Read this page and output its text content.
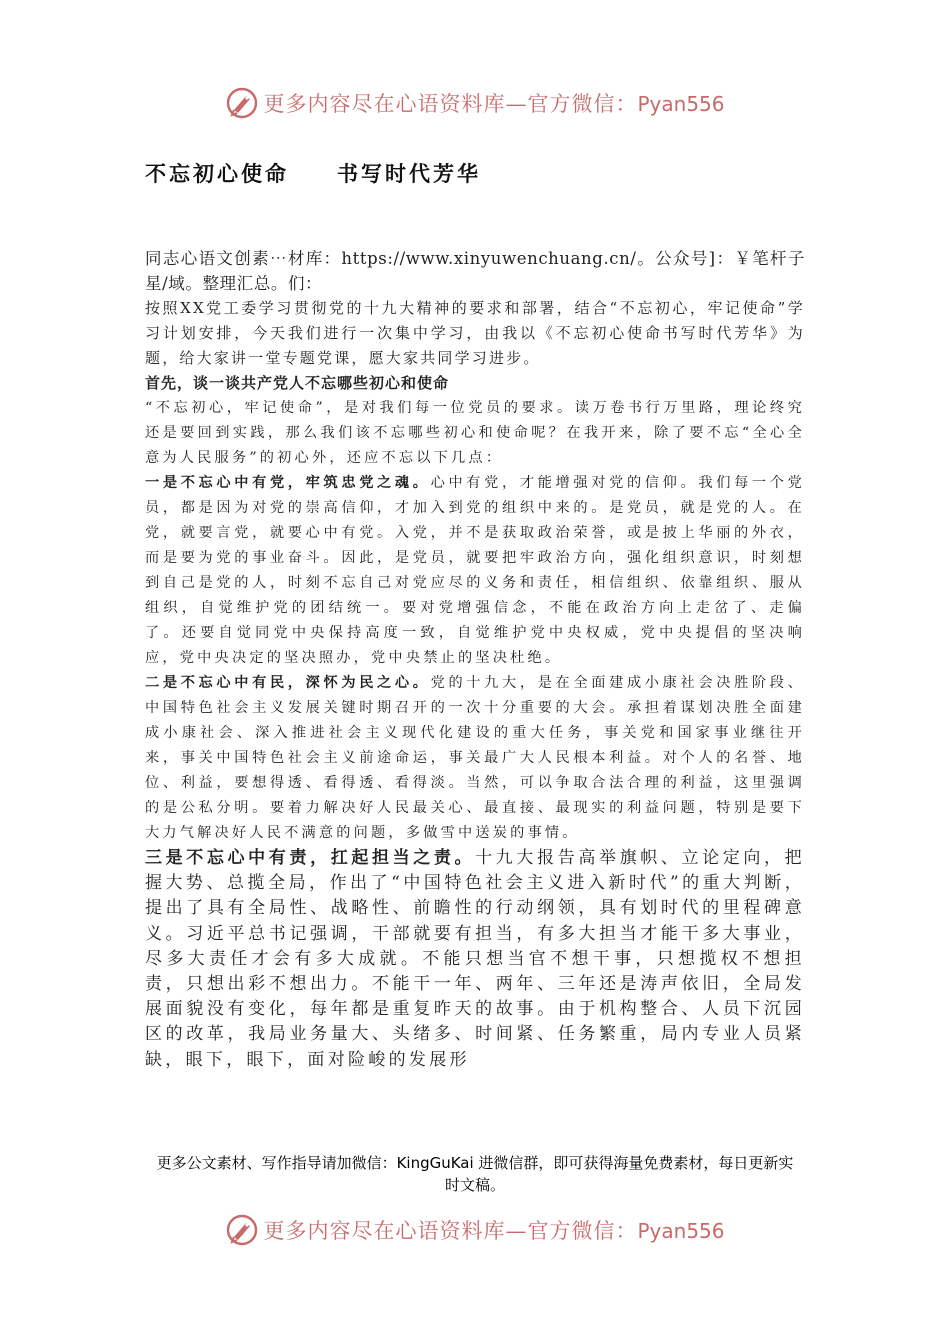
更多内容尽在心语资料库—官方微信：Pyan556
不忘初心使命　　书写时代芳华

同志心语文创素⋯材库：https://www.xinyuwenchuang.cn/。公众号]：￥笔杆子星/域。整理汇总。们：

按照XX党工委学习贯彻党的十九大精神的要求和部署，结合“不忘初心，牢记使命”学习计划安排，今天我们进行一次集中学习，由我以《不忘初心使命书写时代芳华》为题，给大家讲一堂专题党课，愿大家共同学习进步。

首先，谈一谈共产党人不忘哪些初心和使命

“不忘初心，牢记使命”，是对我们每一位党员的要求。读万卷书行万里路，理论终究还是要回到实践，那么我们该不忘哪些初心和使命呢？在我开来，除了要不忘“全心全意为人民服务”的初心外，还应不忘以下几点：

一是不忘心中有党，牢筑忠党之魂。心中有党，才能增强对党的信仰。我们每一个党员，都是因为对党的崇高信仰，才加入到党的组织中来的。是党员，就是党的人。在党，就要言党，就要心中有党。入党，并不是获取政治荣誉，或是披上华丽的外衣，而是要为党的事业奋斗。因此，是党员，就要把牢政治方向，强化组织意识，时刻想到自己是党的人，时刻不忘自己对党应尽的义务和责任，相信组织、依靠组织、服从组织，自觉维护党的团结统一。要对党增强信念，不能在政治方向上走岔了、走偏了。还要自觉同党中央保持高度一致，自觉维护党中央权威，党中央提倡的坚决响应，党中央决定的坚决照办，党中央禁止的坚决杜绝。

二是不忘心中有民，深怀为民之心。党的十九大，是在全面建成小康社会决胜阶段、中国特色社会主义发展关键时期召开的一次十分重要的大会。承担着谋划决胜全面建成小康社会、深入推进社会主义现代化建设的重大任务，事关党和国家事业继往开来，事关中国特色社会主义前途命运，事关最广大人民根本利益。对个人的名誉、地位、利益，要想得透、看得透、看得淡。当然，可以争取合法合理的利益，这里强调的是公私分明。要着力解决好人民最关心、最直接、最现实的利益问题，特别是要下大力气解决好人民不满意的问题，多做雪中送炭的事情。

三是不忘心中有责，扛起担当之责。十九大报告高举旗帜、立论定向，把握大势、总揽全局，作出了“中国特色社会主义进入新时代”的重大判断，提出了具有全局性、战略性、前瞻性的行动纲领，具有划时代的里程碑意义。习近平总书记强调，干部就要有担当，有多大担当才能干多大事业，尽多大责任才会有多大成就。不能只想当官不想干事，只想揽权不想担责，只想出彩不想出力。不能干一年、两年、三年还是涛声依旧，全局发展面貌没有变化，每年都是重复昨天的故事。由于机构整合、人员下沉园区的改革，我局业务量大、头绪多、时间紧、任务繁重，局内专业人员紧缺，眼下，眼下，面对险峻的发展形

更多公文素材、写作指导请加微信：KingGuKai 进微信群，即可获得海量免费素材，每日更新实时文稿。
更多内容尽在心语资料库—官方微信：Pyan556
